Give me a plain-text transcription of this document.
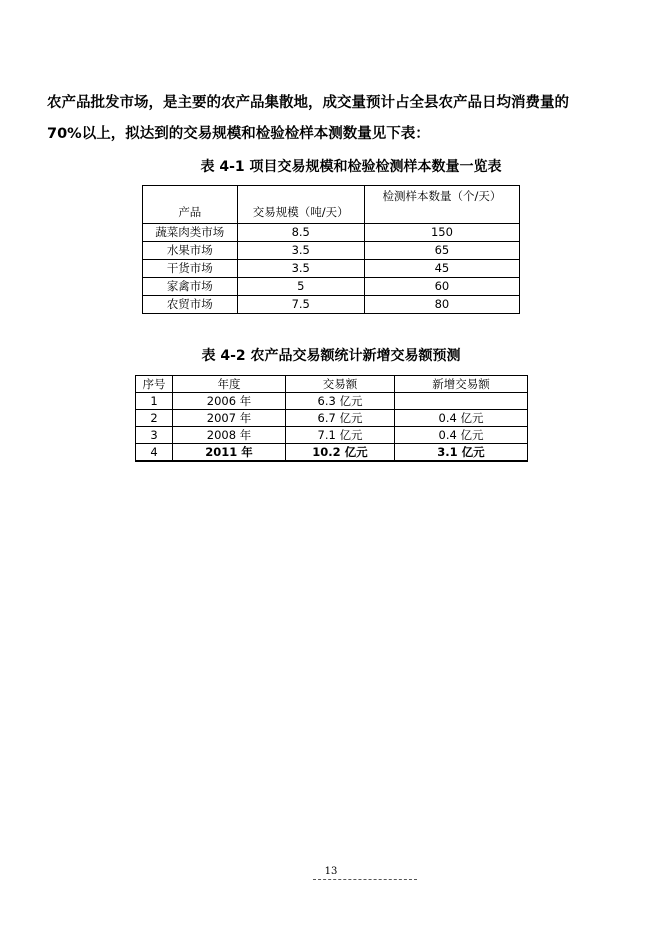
农产品批发市场，是主要的农产品集散地，成交量预计占全县农产品日均消费量的
70%以上，拟达到的交易规模和检验检样本测数量见下表：
表 4-1 项目交易规模和检验检测样本数量一览表
产品	交易规模（吨/天）	检测样本数量（个/天）
蔬菜肉类市场	8.5	150
水果市场	3.5	65
干货市场	3.5	45
家禽市场	5	60
农贸市场	7.5	80
表 4-2 农产品交易额统计新增交易额预测
序号	年度	交易额	新增交易额
1	2006 年	6.3 亿元	
2	2007 年	6.7 亿元	0.4 亿元
3	2008 年	7.1 亿元	0.4 亿元
4	2011 年	10.2 亿元	3.1 亿元
13
